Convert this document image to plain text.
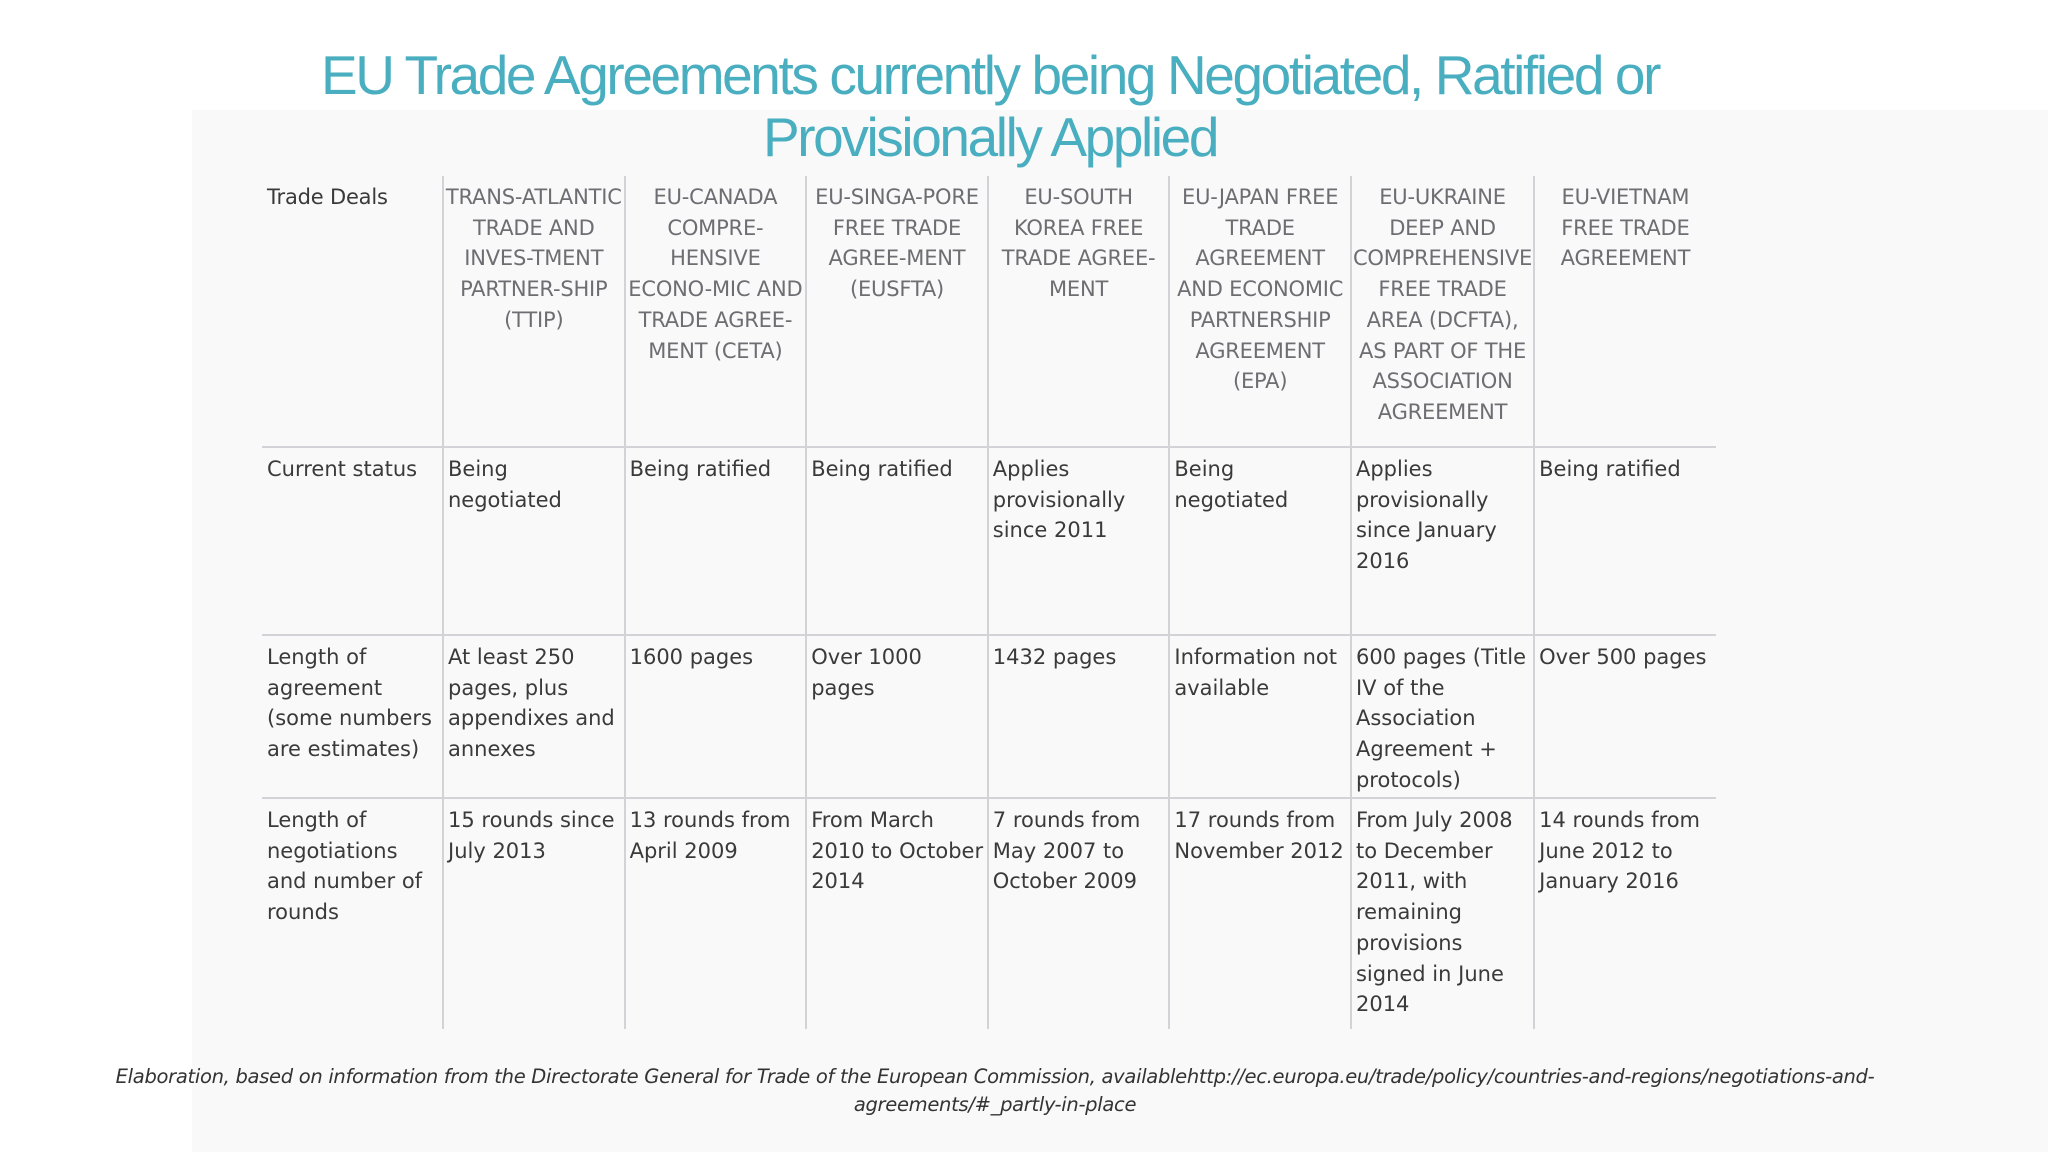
EU Trade Agreements currently being Negotiated, Ratified or Provisionally Applied
Trade Deals	TRANS-ATLANTIC TRADE AND INVES-TMENT PARTNER-SHIP (TTIP)	EU-CANADA COMPRE-HENSIVE ECONO-MIC AND TRADE AGREE-MENT (CETA)	EU-SINGA-PORE FREE TRADE AGREE-MENT (EUSFTA)	EU-SOUTH KOREA FREE TRADE AGREE-MENT	EU-JAPAN FREE TRADE AGREEMENT AND ECONOMIC PARTNERSHIP AGREEMENT (EPA)	EU-UKRAINE DEEP AND COMPREHENSIVE FREE TRADE AREA (DCFTA), AS PART OF THE ASSOCIATION AGREEMENT	EU-VIETNAM FREE TRADE AGREEMENT
Current status	Being negotiated	Being ratified	Being ratified	Applies provisionally since 2011	Being negotiated	Applies provisionally since January 2016	Being ratified
Length of agreement (some numbers are estimates)	At least 250 pages, plus appendixes and annexes	1600 pages	Over 1000 pages	1432 pages	Information not available	600 pages (Title IV of the Association Agreement + protocols)	Over 500 pages
Length of negotiations and number of rounds	15 rounds since July 2013	13 rounds from April 2009	From March 2010 to October 2014	7 rounds from May 2007 to October 2009	17 rounds from November 2012	From July 2008 to December 2011, with remaining provisions signed in June 2014	14 rounds from June 2012 to January 2016
Elaboration, based on information from the Directorate General for Trade of the European Commission, availablehttp://ec.europa.eu/trade/policy/countries-and-regions/negotiations-and-agreements/#_partly-in-place
